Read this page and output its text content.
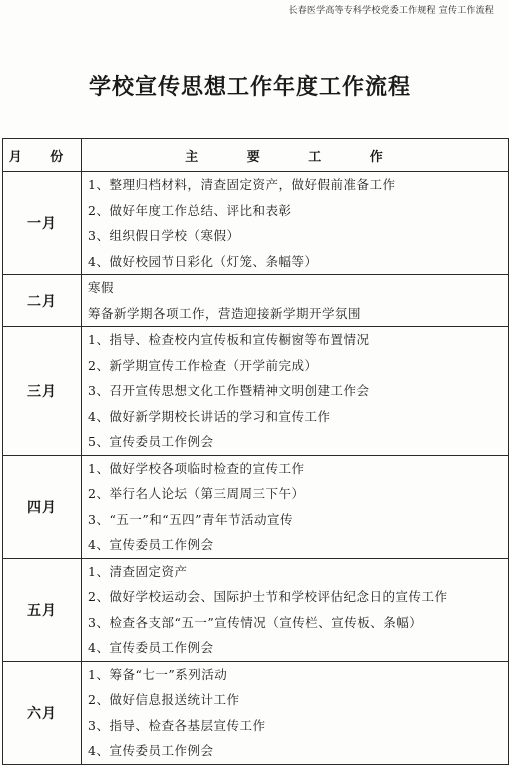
长春医学高等专科学校党委工作规程 宣传工作流程
学校宣传思想工作年度工作流程
月 份	主 要 工 作
一月	1、整理归档材料，清查固定资产，做好假前准备工作
2、做好年度工作总结、评比和表彰
3、组织假日学校（寒假）
4、做好校园节日彩化（灯笼、条幅等）

二月	寒假
筹备新学期各项工作，营造迎接新学期开学氛围

三月	1、指导、检查校内宣传板和宣传橱窗等布置情况
2、新学期宣传工作检查（开学前完成）
3、召开宣传思想文化工作暨精神文明创建工作会
4、做好新学期校长讲话的学习和宣传工作
5、宣传委员工作例会

四月	1、做好学校各项临时检查的宣传工作
2、举行名人论坛（第三周周三下午）
3、“五一”和“五四”青年节活动宣传
4、宣传委员工作例会

五月	1、清查固定资产
2、做好学校运动会、国际护士节和学校评估纪念日的宣传工作
3、检查各支部“五一”宣传情况（宣传栏、宣传板、条幅）
4、宣传委员工作例会

六月	1、筹备“七一”系列活动
2、做好信息报送统计工作
3、指导、检查各基层宣传工作
4、宣传委员工作例会
